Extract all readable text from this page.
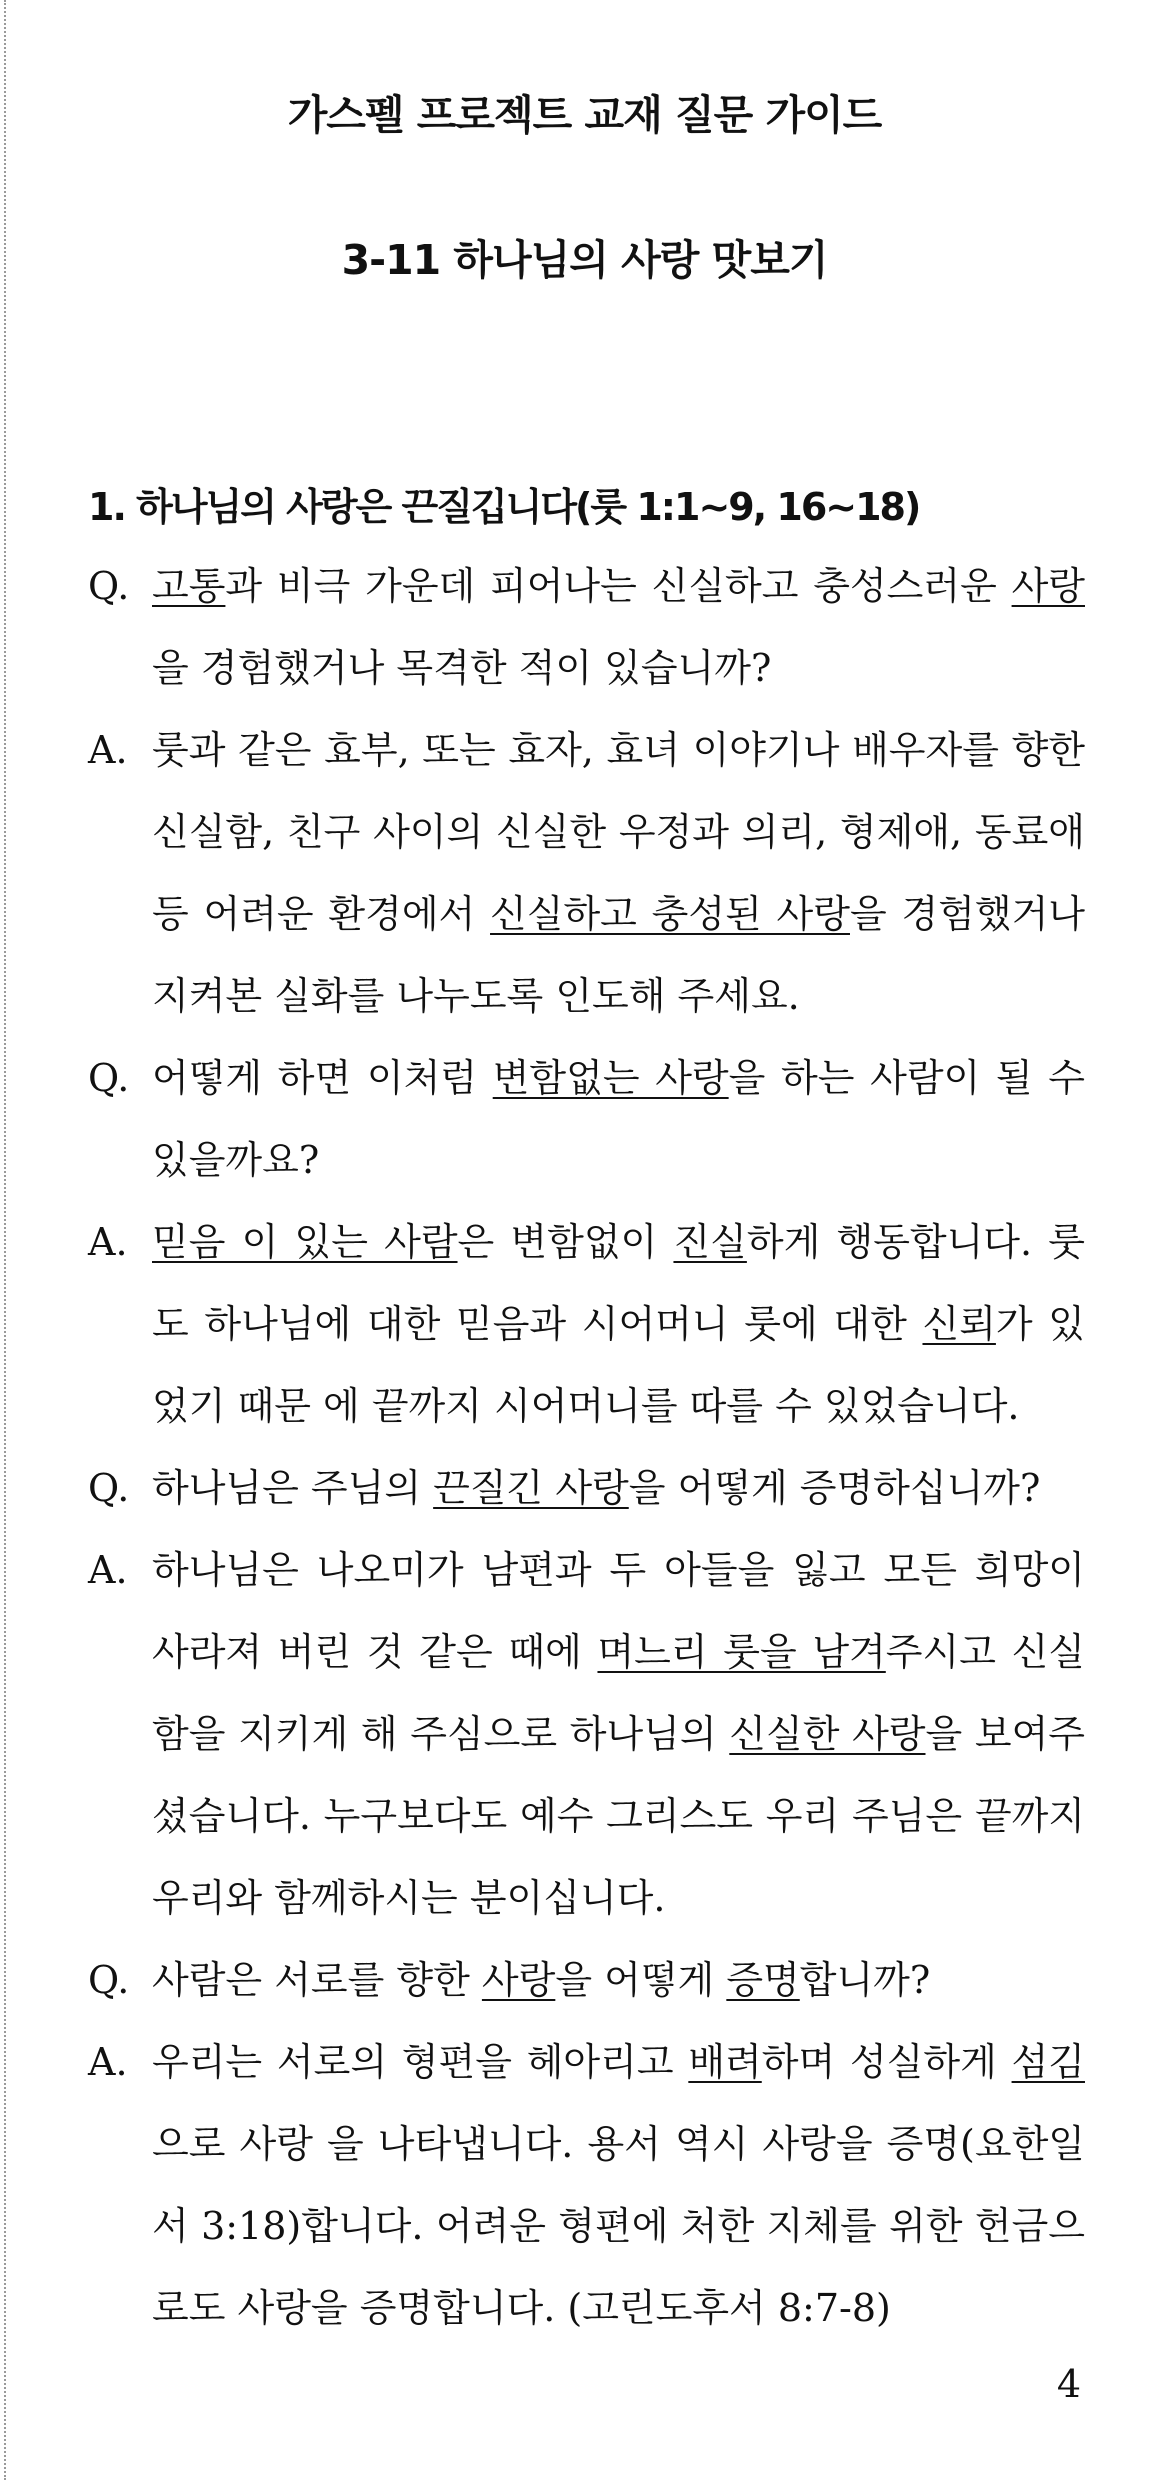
가스펠 프로젝트 교재 질문 가이드
3-11 하나님의 사랑 맛보기
1. 하나님의 사랑은 끈질깁니다(룻 1:1~9, 16~18)
Q. 고통과 비극 가운데 피어나는 신실하고 충성스러운 사랑을 경험했거나 목격한 적이 있습니까?
A. 룻과 같은 효부, 또는 효자, 효녀 이야기나 배우자를 향한 신실함, 친구 사이의 신실한 우정과 의리, 형제애, 동료애 등 어려운 환경에서 신실하고 충성된 사랑을 경험했거나 지켜본 실화를 나누도록 인도해 주세요.
Q. 어떻게 하면 이처럼 변함없는 사랑을 하는 사람이 될 수 있을까요?
A. 믿음 이 있는 사람은 변함없이 진실하게 행동합니다. 룻도 하나님에 대한 믿음과 시어머니 룻에 대한 신뢰가 있었기 때문 에 끝까지 시어머니를 따를 수 있었습니다.
Q. 하나님은 주님의 끈질긴 사랑을 어떻게 증명하십니까?
A. 하나님은 나오미가 남편과 두 아들을 잃고 모든 희망이 사라져 버린 것 같은 때에 며느리 룻을 남겨주시고 신실함을 지키게 해 주심으로 하나님의 신실한 사랑을 보여주셨습니다. 누구보다도 예수 그리스도 우리 주님은 끝까지 우리와 함께하시는 분이십니다.
Q. 사람은 서로를 향한 사랑을 어떻게 증명합니까?
A. 우리는 서로의 형편을 헤아리고 배려하며 성실하게 섬김으로 사랑 을 나타냅니다. 용서 역시 사랑을 증명(요한일서 3:18)합니다. 어려운 형편에 처한 지체를 위한 헌금으 로도 사랑을 증명합니다. (고린도후서 8:7-8)

4
